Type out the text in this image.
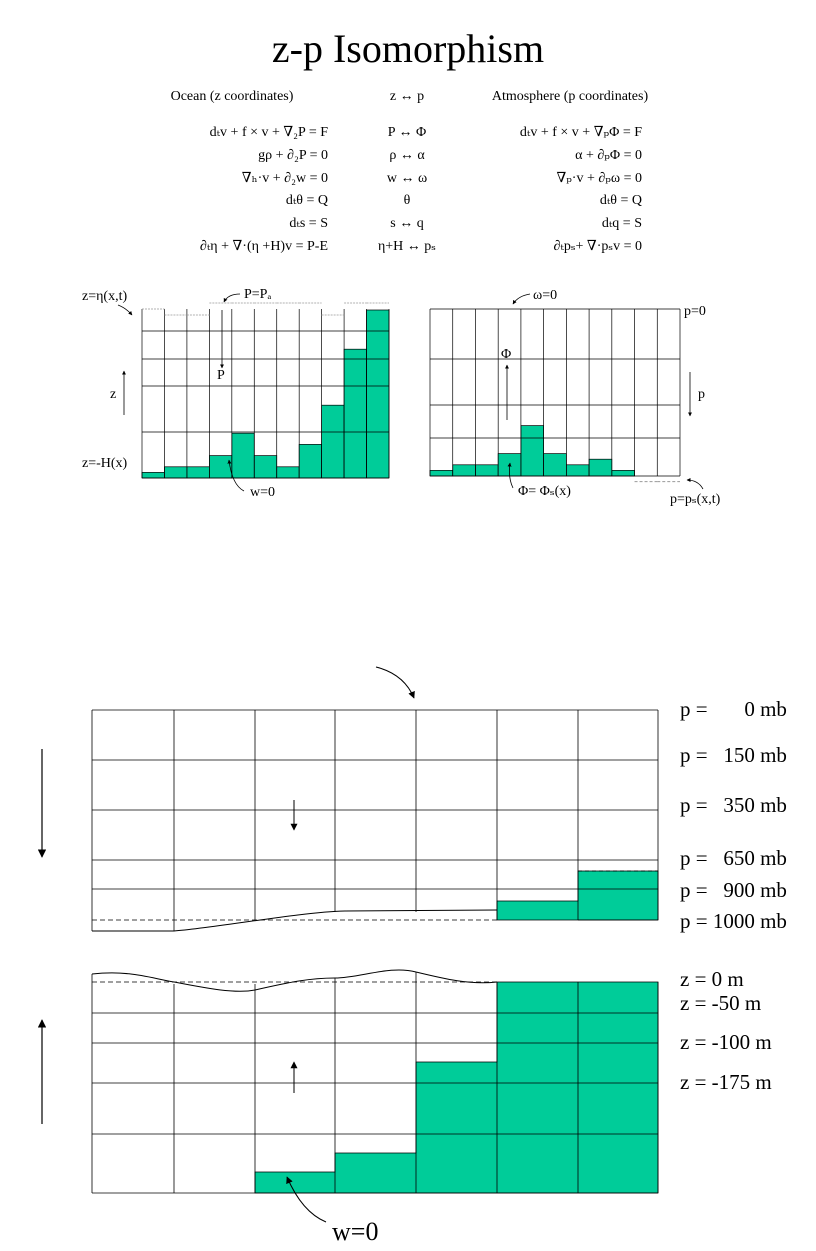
z-p Isomorphism
Ocean (z coordinates)	z ↔ p	Atmosphere (p coordinates)
dₜv + f × v + ∇₂P = F	P ↔ Φ	dₜv + f × v + ∇ₚΦ = F
gρ + ∂₂P = 0	ρ ↔ α	α + ∂ₚΦ = 0
∇ₕ·v + ∂₂w = 0	w ↔ ω	∇ₚ·v + ∂ₚω = 0
dₜθ = Q	θ	dₜθ = Q
dₜs = S	s ↔ q	dₜq = S
∂ₜη + ∇·(η +H)v = P-E	η+H ↔ pₛ	∂ₜpₛ+ ∇·pₛv = 0
z=η(x,t)	P=Pₐ
P
z
z=-H(x)
w=0
ω=0
p=0
Φ
p
Φ= Φₛ(x)
p=pₛ(x,t)
p =       0 mb
p =   150 mb
p =   350 mb
p =   650 mb
p =   900 mb
p = 1000 mb
z = 0 m
z = -50 m
z = -100 m
z = -175 m
w=0
